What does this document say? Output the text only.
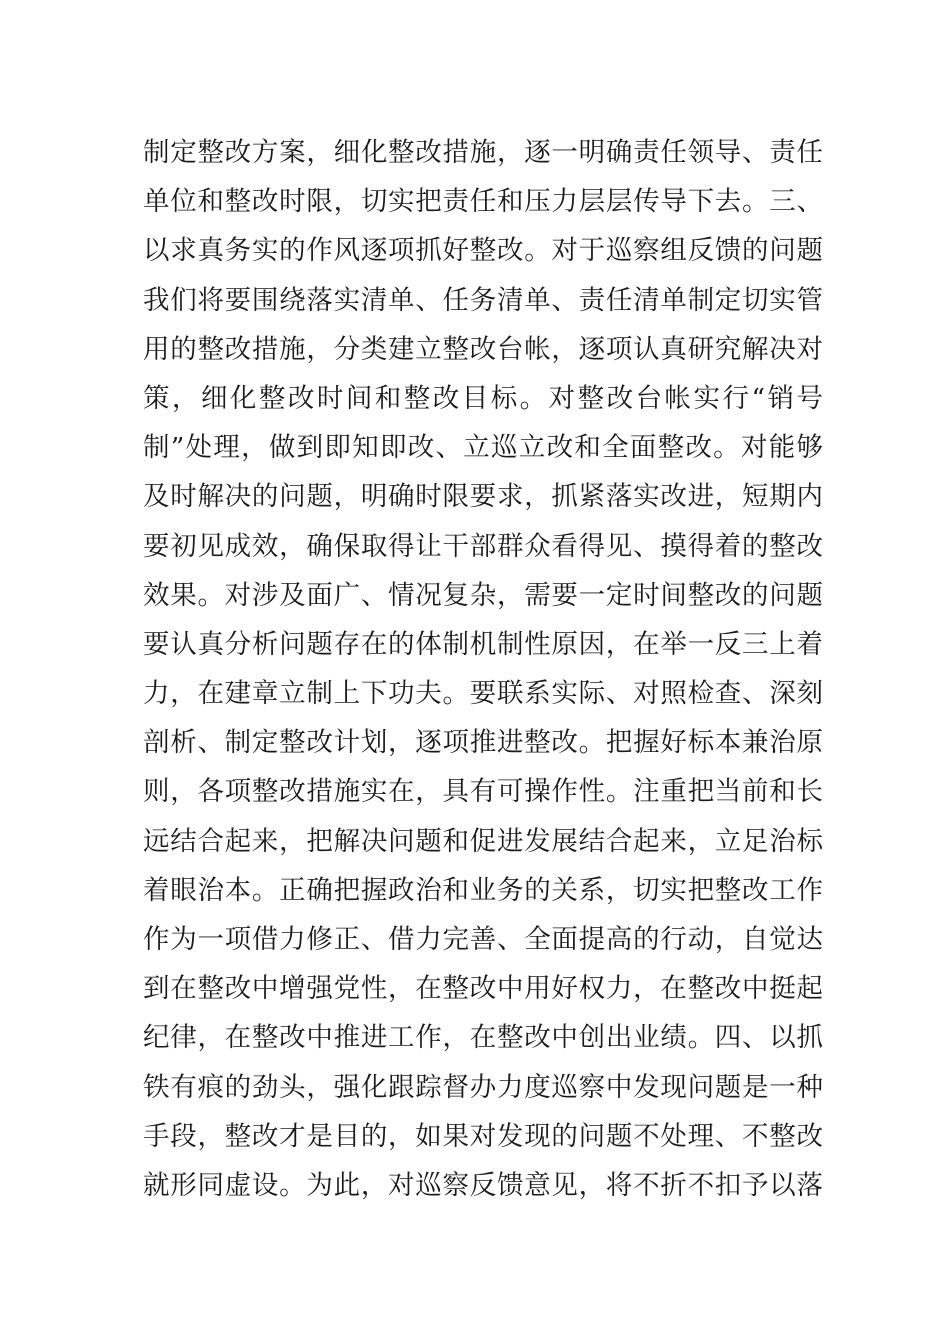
制定整改方案，细化整改措施，逐一明确责任领导、责任
单位和整改时限，切实把责任和压力层层传导下去。三、
以求真务实的作风逐项抓好整改。对于巡察组反馈的问题
我们将要围绕落实清单、任务清单、责任清单制定切实管
用的整改措施，分类建立整改台帐，逐项认真研究解决对
策，细化整改时间和整改目标。对整改台帐实行“销号
制”处理，做到即知即改、立巡立改和全面整改。对能够
及时解决的问题，明确时限要求，抓紧落实改进，短期内
要初见成效，确保取得让干部群众看得见、摸得着的整改
效果。对涉及面广、情况复杂，需要一定时间整改的问题
要认真分析问题存在的体制机制性原因，在举一反三上着
力，在建章立制上下功夫。要联系实际、对照检查、深刻
剖析、制定整改计划，逐项推进整改。把握好标本兼治原
则，各项整改措施实在，具有可操作性。注重把当前和长
远结合起来，把解决问题和促进发展结合起来，立足治标
着眼治本。正确把握政治和业务的关系，切实把整改工作
作为一项借力修正、借力完善、全面提高的行动，自觉达
到在整改中增强党性，在整改中用好权力，在整改中挺起
纪律，在整改中推进工作，在整改中创出业绩。四、以抓
铁有痕的劲头，强化跟踪督办力度巡察中发现问题是一种
手段，整改才是目的，如果对发现的问题不处理、不整改
就形同虚设。为此，对巡察反馈意见，将不折不扣予以落
